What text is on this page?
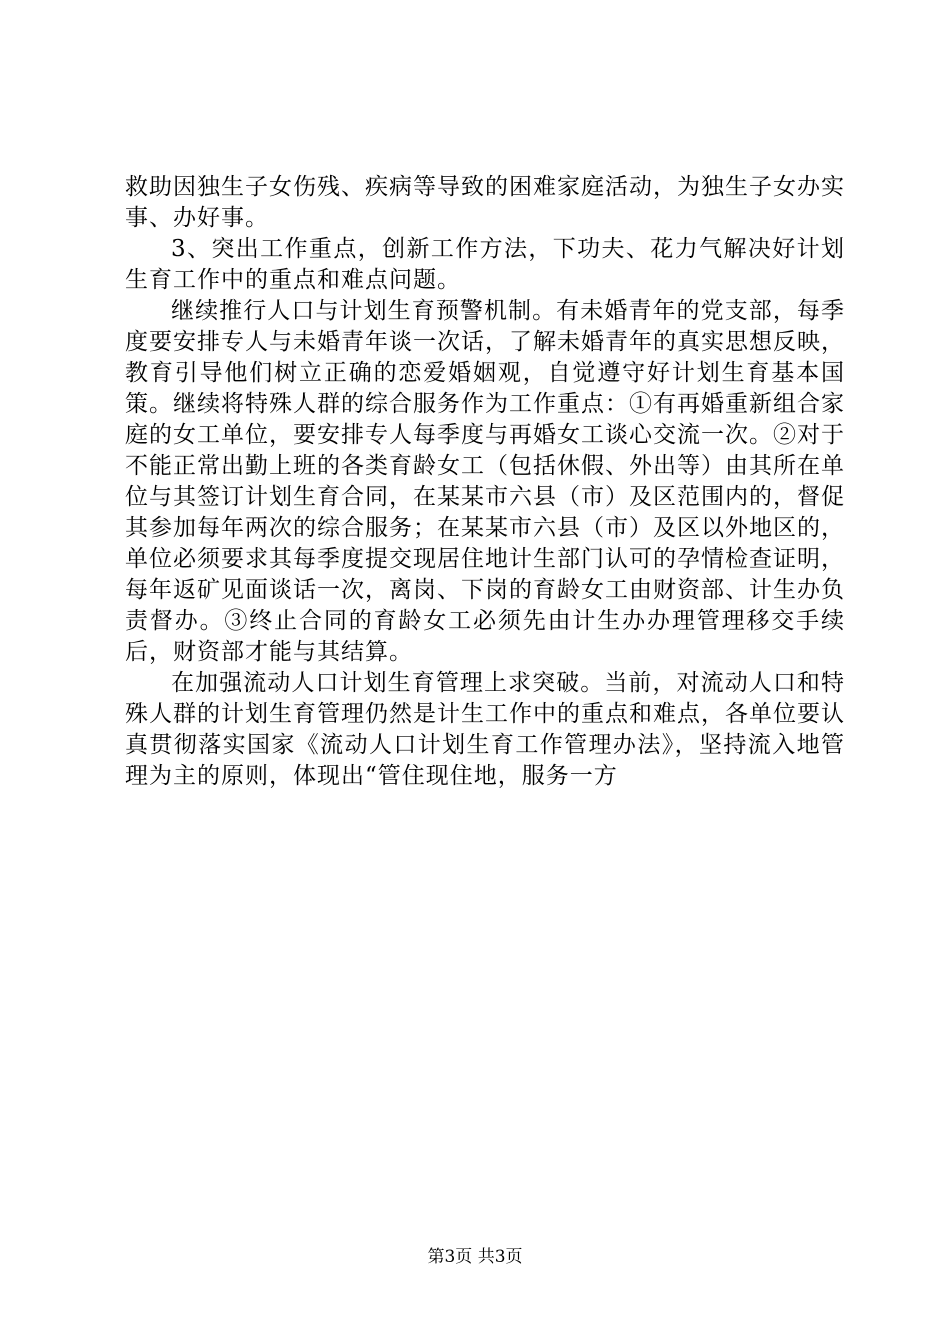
救助因独生子女伤残、疾病等导致的困难家庭活动，为独生子女办实事、办好事。

3、突出工作重点，创新工作方法，下功夫、花力气解决好计划生育工作中的重点和难点问题。

继续推行人口与计划生育预警机制。有未婚青年的党支部，每季度要安排专人与未婚青年谈一次话，了解未婚青年的真实思想反映，教育引导他们树立正确的恋爱婚姻观，自觉遵守好计划生育基本国策。继续将特殊人群的综合服务作为工作重点：①有再婚重新组合家庭的女工单位，要安排专人每季度与再婚女工谈心交流一次。②对于不能正常出勤上班的各类育龄女工（包括休假、外出等）由其所在单位与其签订计划生育合同，在某某市六县（市）及区范围内的，督促其参加每年两次的综合服务；在某某市六县（市）及区以外地区的，单位必须要求其每季度提交现居住地计生部门认可的孕情检查证明，每年返矿见面谈话一次，离岗、下岗的育龄女工由财资部、计生办负责督办。③终止合同的育龄女工必须先由计生办办理管理移交手续后，财资部才能与其结算。

在加强流动人口计划生育管理上求突破。当前，对流动人口和特殊人群的计划生育管理仍然是计生工作中的重点和难点，各单位要认真贯彻落实国家《流动人口计划生育工作管理办法》，坚持流入地管理为主的原则，体现出“管住现住地，服务一方

第3页 共3页
